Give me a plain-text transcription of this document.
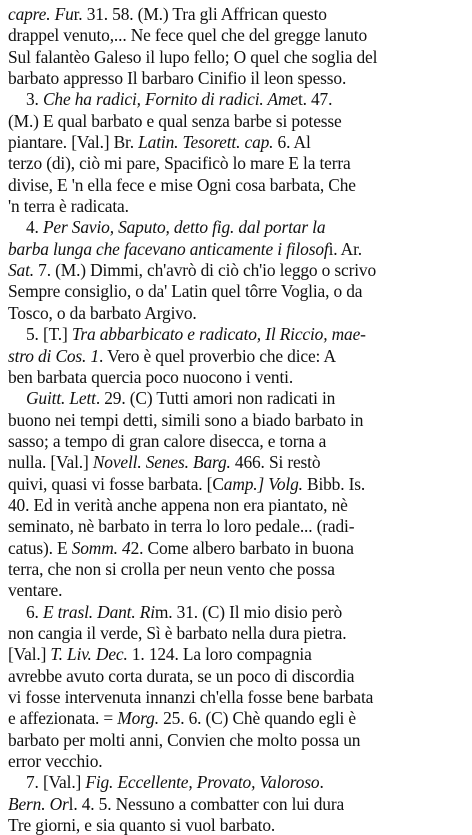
capre. Fur. 31. 58. (M.) Tra gli Affrican questo
drappel venuto,... Ne fece quel che del gregge lanuto
Sul falantèo Galeso il lupo fello; O quel che soglia del
barbato appresso Il barbaro Cinifio il leon spesso.
3. Che ha radici, Fornito di radici. Amet. 47.
(M.) E qual barbato e qual senza barbe si potesse
piantare. [Val.] Br. Latin. Tesorett. cap. 6. Al
terzo (di), ciò mi pare, Spacificò lo mare E la terra
divise, E 'n ella fece e mise Ogni cosa barbata, Che
'n terra è radicata.
4. Per Savio, Saputo, detto fig. dal portar la
barba lunga che facevano anticamente i filosofi. Ar.
Sat. 7. (M.) Dimmi, ch'avrò di ciò ch'io leggo o scrivo
Sempre consiglio, o da' Latin quel tôrre Voglia, o da
Tosco, o da barbato Argivo.
5. [T.] Tra abbarbicato e radicato, Il Riccio, mae-
stro di Cos. 1. Vero è quel proverbio che dice: A
ben barbata quercia poco nuocono i venti.
Guitt. Lett. 29. (C) Tutti amori non radicati in
buono nei tempi detti, simili sono a biado barbato in
sasso; a tempo di gran calore disecca, e torna a
nulla. [Val.] Novell. Senes. Barg. 466. Si restò
quivi, quasi vi fosse barbata. [Camp.] Volg. Bibb. Is.
40. Ed in verità anche appena non era piantato, nè
seminato, nè barbato in terra lo loro pedale... (radi-
catus). E Somm. 42. Come albero barbato in buona
terra, che non si crolla per neun vento che possa
ventare.
6. E trasl. Dant. Rim. 31. (C) Il mio disio però
non cangia il verde, Sì è barbato nella dura pietra.
[Val.] T. Liv. Dec. 1. 124. La loro compagnia
avrebbe avuto corta durata, se un poco di discordia
vi fosse intervenuta innanzi ch'ella fosse bene barbata
e affezionata. = Morg. 25. 6. (C) Chè quando egli è
barbato per molti anni, Convien che molto possa un
error vecchio.
7. [Val.] Fig. Eccellente, Provato, Valoroso.
Bern. Orl. 4. 5. Nessuno a combatter con lui dura
Tre giorni, e sia quanto si vuol barbato.
